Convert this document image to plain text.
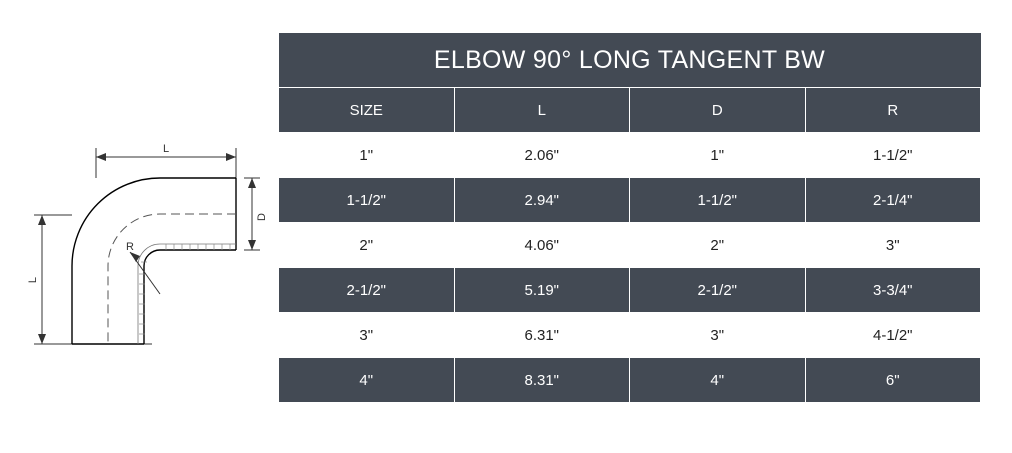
L
D
L
R
ELBOW 90° LONG TANGENT BW			
SIZE	L	D	R
1"	2.06"	1"	1-1/2"
1-1/2"	2.94"	1-1/2"	2-1/4"
2"	4.06"	2"	3"
2-1/2"	5.19"	2-1/2"	3-3/4"
3"	6.31"	3"	4-1/2"
4"	8.31"	4"	6"
